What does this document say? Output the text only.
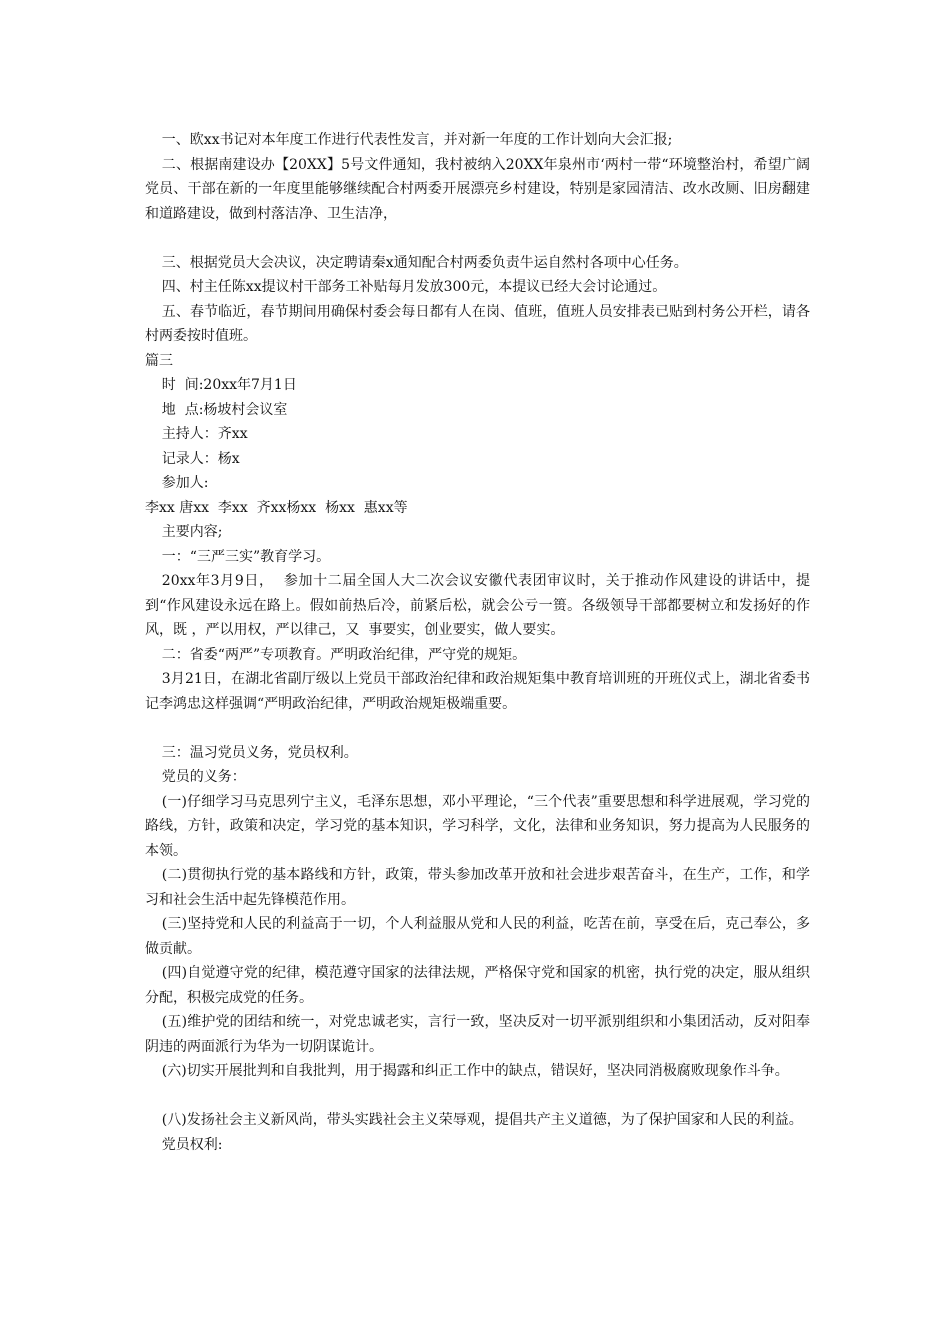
一、欧xx书记对本年度工作进行代表性发言，并对新一年度的工作计划向大会汇报;

二、根据南建设办【20XX】5号文件通知，我村被纳入20XX年泉州市‘两村一带“环境整治村，希望广阔党员、干部在新的一年度里能够继续配合村两委开展漂亮乡村建设，特别是家园清洁、改水改厕、旧房翻建和道路建设，做到村落洁净、卫生洁净，

三、根据党员大会决议，决定聘请秦x通知配合村两委负责牛运自然村各项中心任务。

四、村主任陈xx提议村干部务工补贴每月发放300元，本提议已经大会讨论通过。

五、春节临近，春节期间用确保村委会每日都有人在岗、值班，值班人员安排表已贴到村务公开栏，请各村两委按时值班。

篇三

时  间:20xx年7月1日

地  点:杨坡村会议室

主持人：齐xx

记录人：杨x

参加人:

李xx 唐xx  李xx  齐xx杨xx  杨xx  惠xx等

主要内容;

一：“三严三实”教育学习。

20xx年3月9日，  参加十二届全国人大二次会议安徽代表团审议时，关于推动作风建设的讲话中，提到“作风建设永远在路上。假如前热后冷，前紧后松，就会公亏一篑。各级领导干部都要树立和发扬好的作风，既 ，严以用权，严以律己，又  事要实，创业要实，做人要实。

二：省委“两严”专项教育。严明政治纪律，严守党的规矩。

3月21日，在湖北省副厅级以上党员干部政治纪律和政治规矩集中教育培训班的开班仪式上，湖北省委书记李鸿忠这样强调“严明政治纪律，严明政治规矩极端重要。

三：温习党员义务，党员权利。

党员的义务：

(一)仔细学习马克思列宁主义，毛泽东思想，邓小平理论，“三个代表”重要思想和科学进展观，学习党的路线，方针，政策和决定，学习党的基本知识，学习科学，文化，法律和业务知识，努力提高为人民服务的本领。

(二)贯彻执行党的基本路线和方针，政策，带头参加改革开放和社会进步艰苦奋斗，在生产，工作，和学习和社会生活中起先锋模范作用。

(三)坚持党和人民的利益高于一切，个人利益服从党和人民的利益，吃苦在前，享受在后，克己奉公，多做贡献。

(四)自觉遵守党的纪律，模范遵守国家的法律法规，严格保守党和国家的机密，执行党的决定，服从组织分配，积极完成党的任务。

(五)维护党的团结和统一，对党忠诚老实，言行一致，坚决反对一切平派别组织和小集团活动，反对阳奉阴违的两面派行为华为一切阴谋诡计。

(六)切实开展批判和自我批判，用于揭露和纠正工作中的缺点，错误好，坚决同消极腐败现象作斗争。

(八)发扬社会主义新风尚，带头实践社会主义荣辱观，提倡共产主义道德，为了保护国家和人民的利益。

党员权利:
